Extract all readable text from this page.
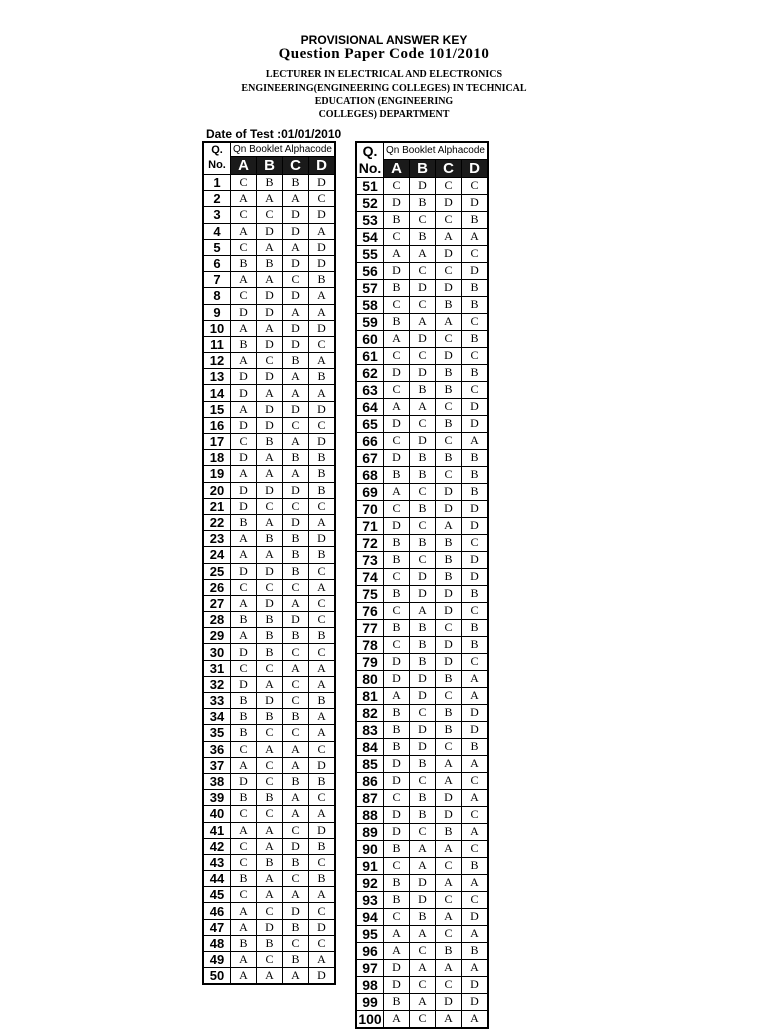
PROVISIONAL ANSWER KEY
Question Paper Code 101/2010
LECTURER IN ELECTRICAL AND ELECTRONICS
ENGINEERING(ENGINEERING COLLEGES) IN TECHNICAL
EDUCATION (ENGINEERING
COLLEGES) DEPARTMENT
Date of Test :01/01/2010
Q.	Qn Booklet Alphacode			
No.	A	B	C	D
1	C	B	B	D
2	A	A	A	C
3	C	C	D	D
4	A	D	D	A
5	C	A	A	D
6	B	B	D	D
7	A	A	C	B
8	C	D	D	A
9	D	D	A	A
10	A	A	D	D
11	B	D	D	C
12	A	C	B	A
13	D	D	A	B
14	D	A	A	A
15	A	D	D	D
16	D	D	C	C
17	C	B	A	D
18	D	A	B	B
19	A	A	A	B
20	D	D	D	B
21	D	C	C	C
22	B	A	D	A
23	A	B	B	D
24	A	A	B	B
25	D	D	B	C
26	C	C	C	A
27	A	D	A	C
28	B	B	D	C
29	A	B	B	B
30	D	B	C	C
31	C	C	A	A
32	D	A	C	A
33	B	D	C	B
34	B	B	B	A
35	B	C	C	A
36	C	A	A	C
37	A	C	A	D
38	D	C	B	B
39	B	B	A	C
40	C	C	A	A
41	A	A	C	D
42	C	A	D	B
43	C	B	B	C
44	B	A	C	B
45	C	A	A	A
46	A	C	D	C
47	A	D	B	D
48	B	B	C	C
49	A	C	B	A
50	A	A	A	D
Q.	Qn Booklet Alphacode			
No.	A	B	C	D
51	C	D	C	C
52	D	B	D	D
53	B	C	C	B
54	C	B	A	A
55	A	A	D	C
56	D	C	C	D
57	B	D	D	B
58	C	C	B	B
59	B	A	A	C
60	A	D	C	B
61	C	C	D	C
62	D	D	B	B
63	C	B	B	C
64	A	A	C	D
65	D	C	B	D
66	C	D	C	A
67	D	B	B	B
68	B	B	C	B
69	A	C	D	B
70	C	B	D	D
71	D	C	A	D
72	B	B	B	C
73	B	C	B	D
74	C	D	B	D
75	B	D	D	B
76	C	A	D	C
77	B	B	C	B
78	C	B	D	B
79	D	B	D	C
80	D	D	B	A
81	A	D	C	A
82	B	C	B	D
83	B	D	B	D
84	B	D	C	B
85	D	B	A	A
86	D	C	A	C
87	C	B	D	A
88	D	B	D	C
89	D	C	B	A
90	B	A	A	C
91	C	A	C	B
92	B	D	A	A
93	B	D	C	C
94	C	B	A	D
95	A	A	C	A
96	A	C	B	B
97	D	A	A	A
98	D	C	C	D
99	B	A	D	D
100	A	C	A	A
